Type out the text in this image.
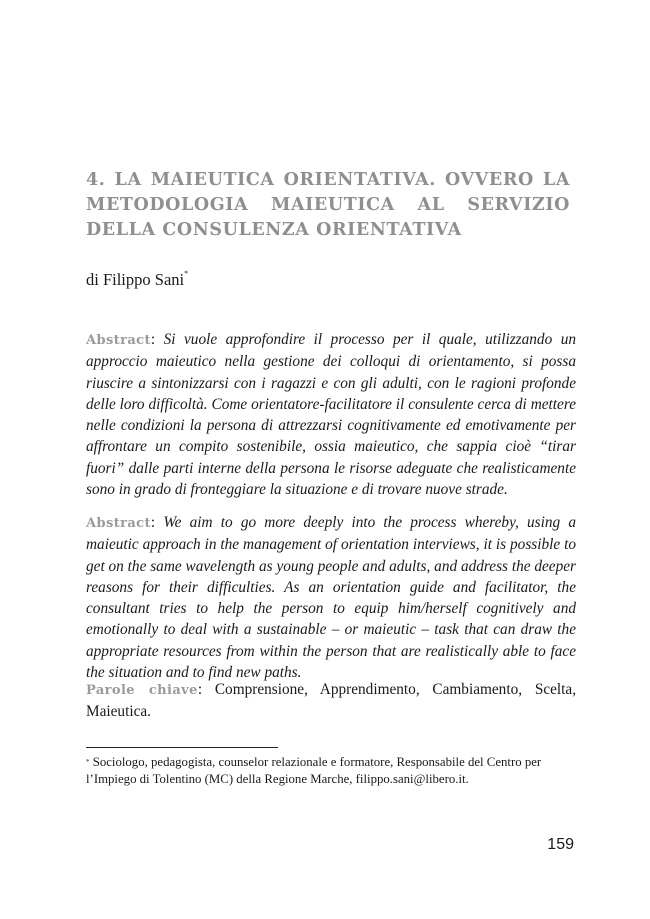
4. LA MAIEUTICA ORIENTATIVA. OVVERO LA METODOLOGIA MAIEUTICA AL SERVIZIO DELLA CONSULENZA ORIENTATIVA
di Filippo Sani*

Abstract: Si vuole approfondire il processo per il quale, utilizzando un approccio maieutico nella gestione dei colloqui di orientamento, si possa riuscire a sintonizzarsi con i ragazzi e con gli adulti, con le ragioni profonde delle loro difficoltà. Come orientatore-facilitatore il consulente cerca di mettere nelle condizioni la persona di attrezzarsi cognitivamente ed emotivamente per affrontare un compito sostenibile, ossia maieutico, che sappia cioè “tirar fuori” dalle parti interne della persona le risorse adeguate che realisticamente sono in grado di fronteggiare la situazione e di trovare nuove strade.

Abstract: We aim to go more deeply into the process whereby, using a maieutic approach in the management of orientation interviews, it is possible to get on the same wavelength as young people and adults, and address the deeper reasons for their difficulties. As an orientation guide and facilitator, the consultant tries to help the person to equip him/herself cognitively and emotionally to deal with a sustainable – or maieutic – task that can draw the appropriate resources from within the person that are realistically able to face the situation and to find new paths.

Parole chiave: Comprensione, Apprendimento, Cambiamento, Scelta, Maieutica.

* Sociologo, pedagogista, counselor relazionale e formatore, Responsabile del Centro per l’Impiego di Tolentino (MC) della Regione Marche, filippo.sani@libero.it.

159
